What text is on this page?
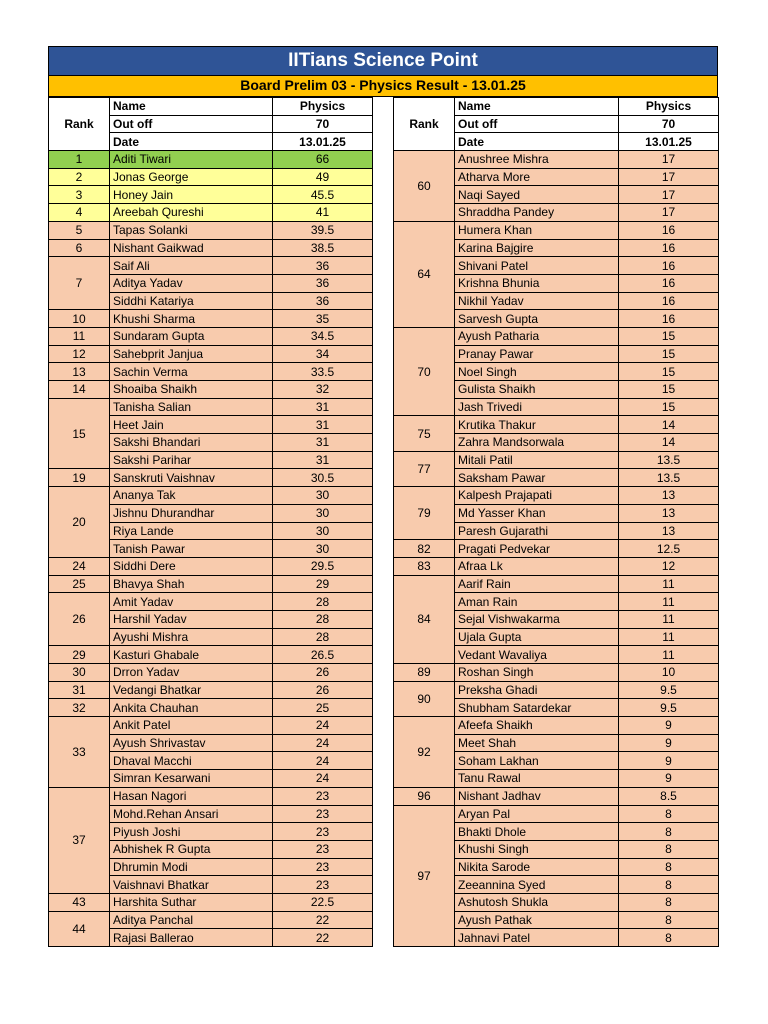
IITians Science Point
Board Prelim 03 - Physics Result - 13.01.25
Rank	Name	Physics		Rank	Name	Physics
	Out off	70			Out off	70
	Date	13.01.25			Date	13.01.25
1	Aditi Tiwari	66		60	Anushree Mishra	17
2	Jonas George	49			Atharva More	17
3	Honey Jain	45.5			Naqi Sayed	17
4	Areebah Qureshi	41			Shraddha Pandey	17
5	Tapas Solanki	39.5		64	Humera Khan	16
6	Nishant Gaikwad	38.5			Karina Bajgire	16
7	Saif Ali	36			Shivani Patel	16
	Aditya Yadav	36			Krishna Bhunia	16
	Siddhi Katariya	36			Nikhil Yadav	16
10	Khushi Sharma	35			Sarvesh Gupta	16
11	Sundaram Gupta	34.5		70	Ayush Patharia	15
12	Sahebprit Janjua	34			Pranay Pawar	15
13	Sachin Verma	33.5			Noel Singh	15
14	Shoaiba Shaikh	32			Gulista Shaikh	15
15	Tanisha Salian	31			Jash Trivedi	15
	Heet Jain	31		75	Krutika Thakur	14
	Sakshi Bhandari	31			Zahra Mandsorwala	14
	Sakshi Parihar	31		77	Mitali Patil	13.5
19	Sanskruti Vaishnav	30.5			Saksham Pawar	13.5
20	Ananya Tak	30		79	Kalpesh Prajapati	13
	Jishnu Dhurandhar	30			Md Yasser Khan	13
	Riya Lande	30			Paresh Gujarathi	13
	Tanish Pawar	30		82	Pragati Pedvekar	12.5
24	Siddhi Dere	29.5		83	Afraa Lk	12
25	Bhavya Shah	29		84	Aarif Rain	11
26	Amit Yadav	28			Aman Rain	11
	Harshil Yadav	28			Sejal Vishwakarma	11
	Ayushi Mishra	28			Ujala Gupta	11
29	Kasturi Ghabale	26.5			Vedant Wavaliya	11
30	Drron Yadav	26		89	Roshan Singh	10
31	Vedangi Bhatkar	26		90	Preksha Ghadi	9.5
32	Ankita Chauhan	25			Shubham Satardekar	9.5
33	Ankit Patel	24		92	Afeefa Shaikh	9
	Ayush Shrivastav	24			Meet Shah	9
	Dhaval Macchi	24			Soham Lakhan	9
	Simran Kesarwani	24			Tanu Rawal	9
37	Hasan Nagori	23		96	Nishant Jadhav	8.5
	Mohd.Rehan Ansari	23		97	Aryan Pal	8
	Piyush Joshi	23			Bhakti Dhole	8
	Abhishek R Gupta	23			Khushi Singh	8
	Dhrumin Modi	23			Nikita Sarode	8
	Vaishnavi Bhatkar	23			Zeeannina Syed	8
43	Harshita Suthar	22.5			Ashutosh Shukla	8
44	Aditya Panchal	22			Ayush Pathak	8
	Rajasi Ballerao	22			Jahnavi Patel	8
